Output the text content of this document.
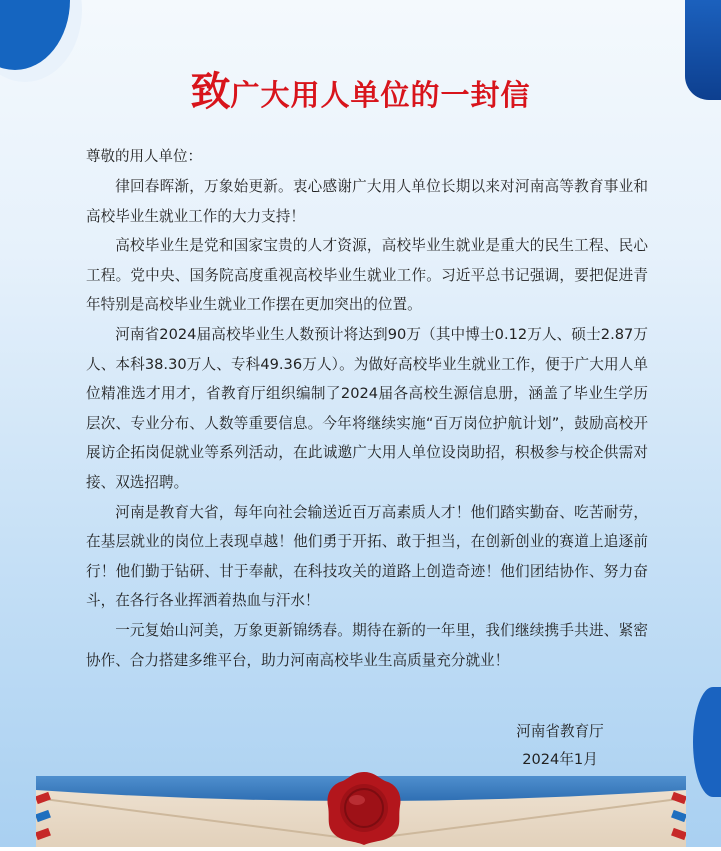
致广大用人单位的一封信
尊敬的用人单位：

律回春晖渐，万象始更新。衷心感谢广大用人单位长期以来对河南高等教育事业和高校毕业生就业工作的大力支持！

高校毕业生是党和国家宝贵的人才资源，高校毕业生就业是重大的民生工程、民心工程。党中央、国务院高度重视高校毕业生就业工作。习近平总书记强调，要把促进青年特别是高校毕业生就业工作摆在更加突出的位置。

河南省2024届高校毕业生人数预计将达到90万（其中博士0.12万人、硕士2.87万人、本科38.30万人、专科49.36万人）。为做好高校毕业生就业工作，便于广大用人单位精准选才用才，省教育厅组织编制了2024届各高校生源信息册，涵盖了毕业生学历层次、专业分布、人数等重要信息。今年将继续实施“百万岗位护航计划”，鼓励高校开展访企拓岗促就业等系列活动，在此诚邀广大用人单位设岗助招，积极参与校企供需对接、双选招聘。

河南是教育大省，每年向社会输送近百万高素质人才！他们踏实勤奋、吃苦耐劳，在基层就业的岗位上表现卓越！他们勇于开拓、敢于担当，在创新创业的赛道上追逐前行！他们勤于钻研、甘于奉献，在科技攻关的道路上创造奇迹！他们团结协作、努力奋斗，在各行各业挥洒着热血与汗水！

一元复始山河美，万象更新锦绣春。期待在新的一年里，我们继续携手共进、紧密协作、合力搭建多维平台，助力河南高校毕业生高质量充分就业！

河南省教育厅
2024年1月
